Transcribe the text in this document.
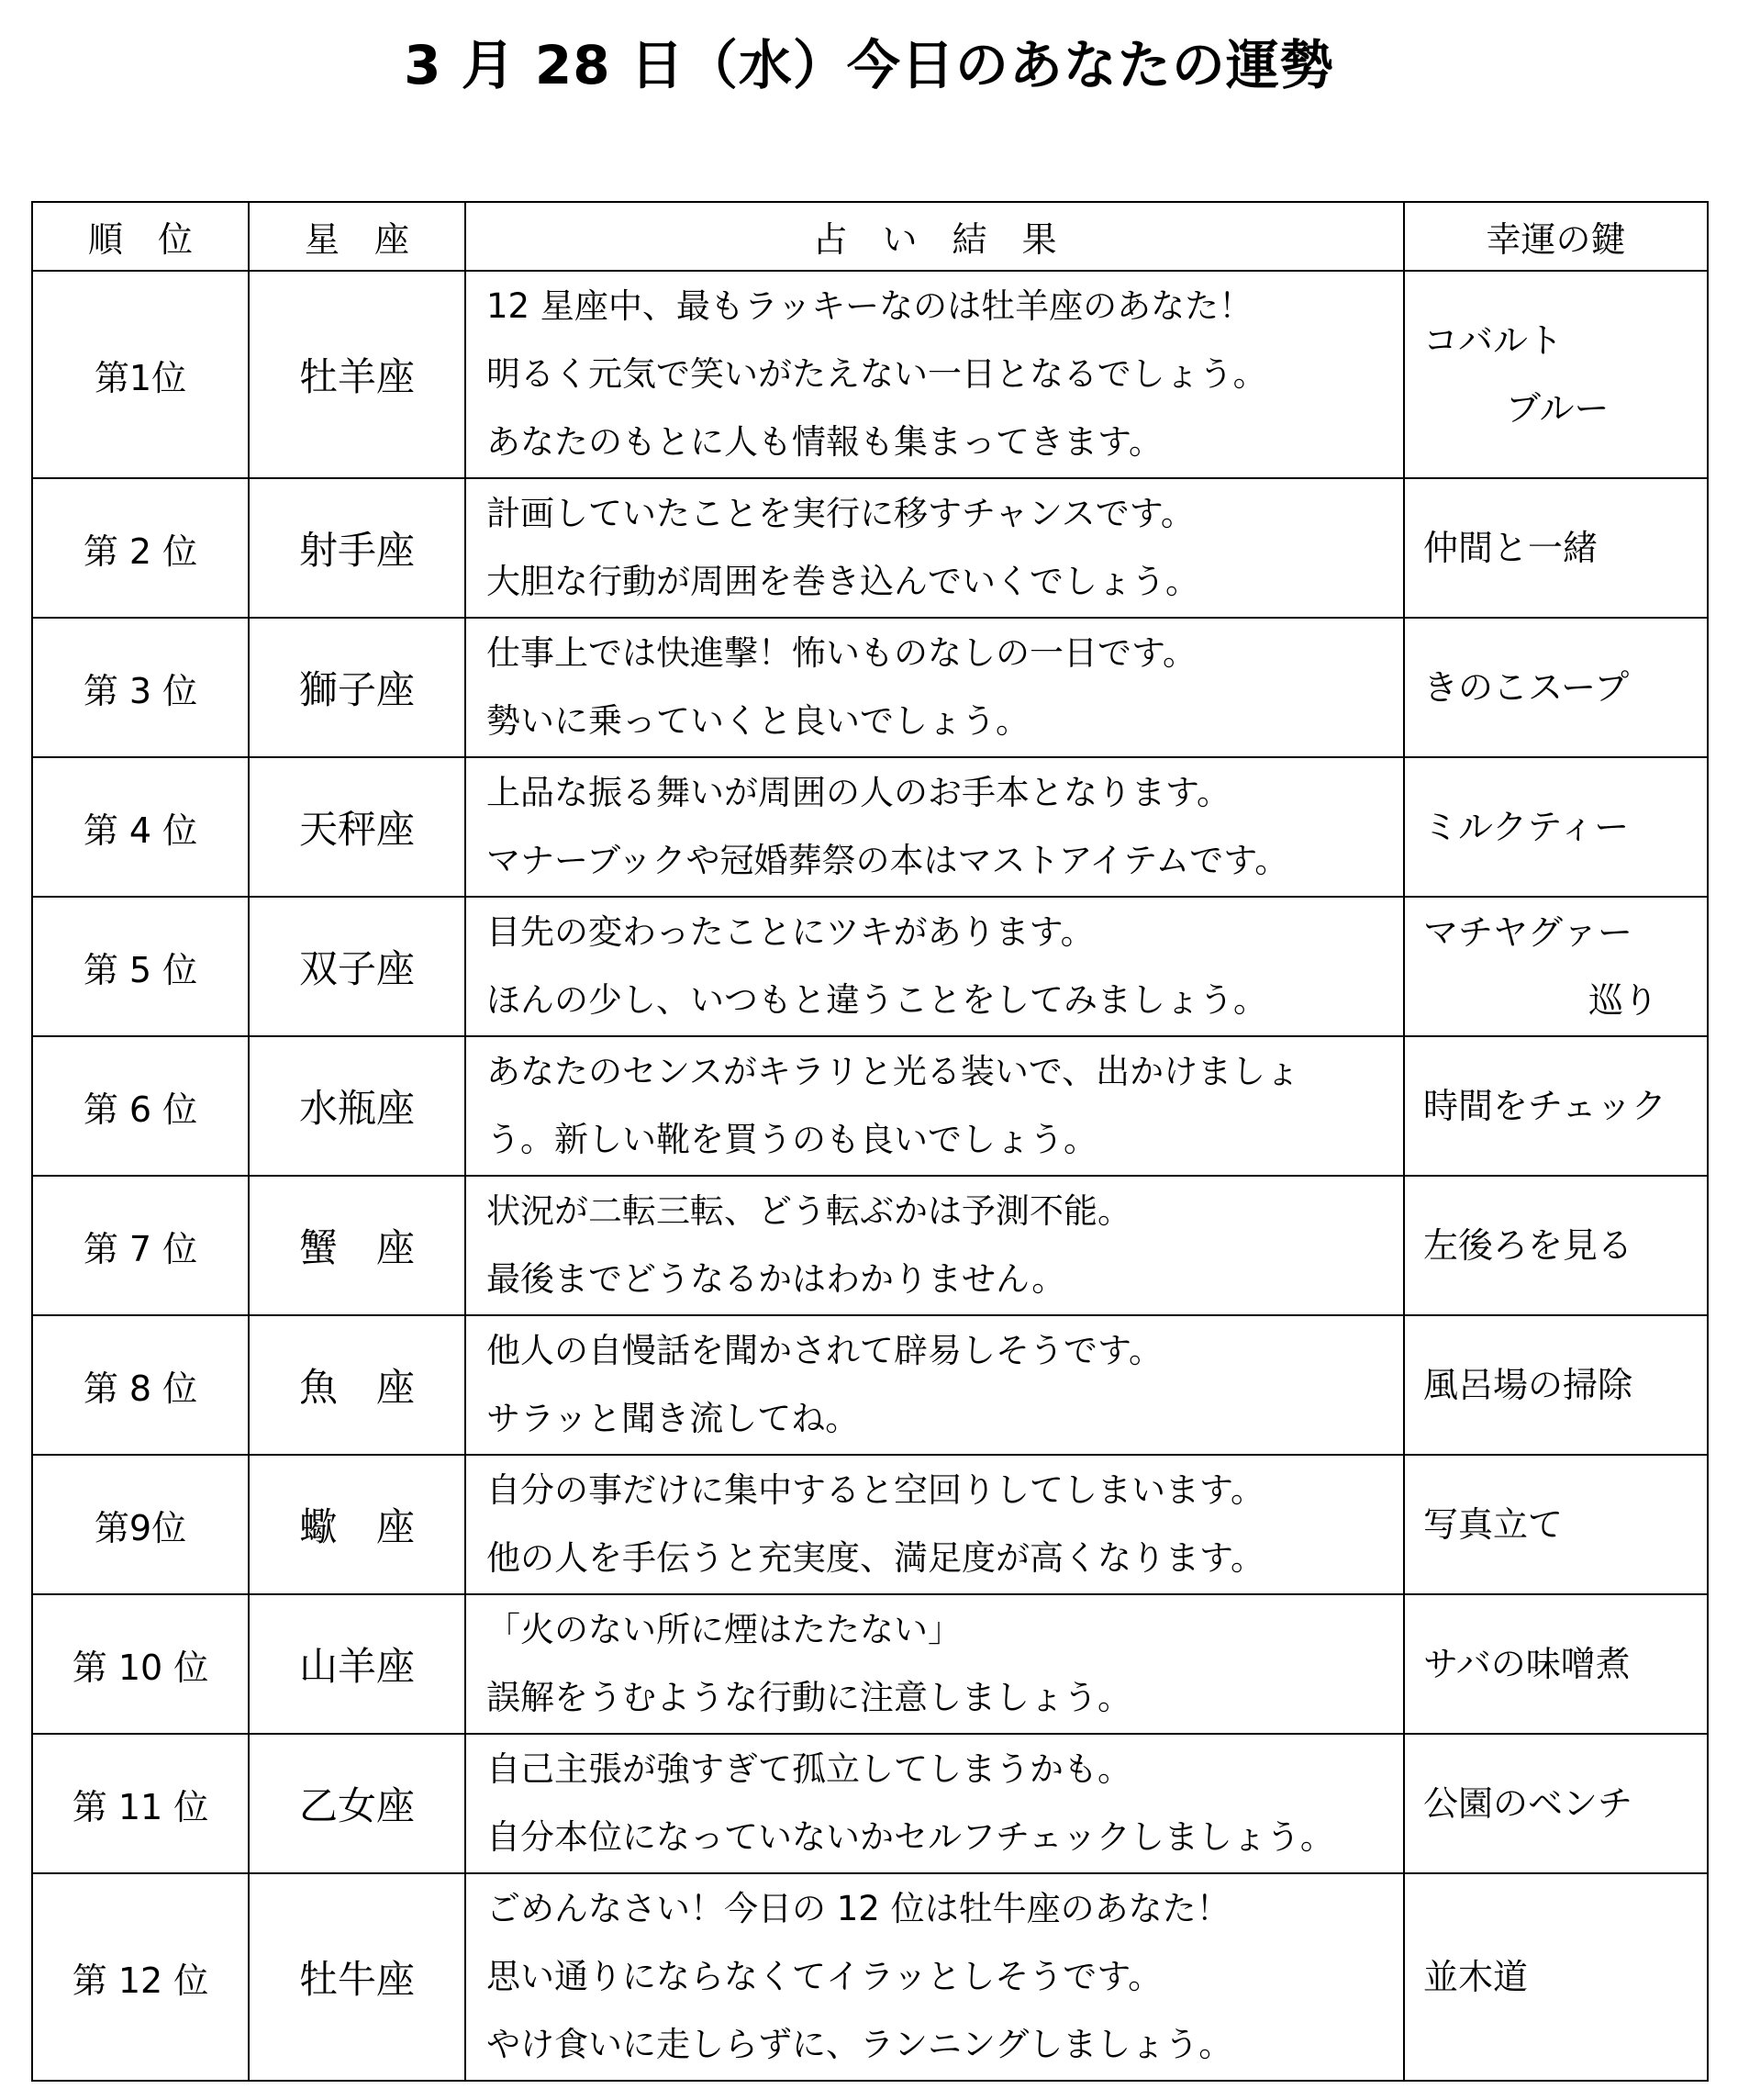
3 月 28 日（水）今日のあなたの運勢
順　位	星　座	占　い　結　果	幸運の鍵
第1位	牡羊座	12 星座中、最もラッキーなのは牡羊座のあなた！
明るく元気で笑いがたえない一日となるでしょう。
あなたのもとに人も情報も集まってきます。	コバルト
ブルー

第 2 位	射手座	計画していたことを実行に移すチャンスです。
大胆な行動が周囲を巻き込んでいくでしょう。	仲間と一緒

第 3 位	獅子座	仕事上では快進撃！怖いものなしの一日です。
勢いに乗っていくと良いでしょう。	きのこスープ

第 4 位	天秤座	上品な振る舞いが周囲の人のお手本となります。
マナーブックや冠婚葬祭の本はマストアイテムです。	ミルクティー

第 5 位	双子座	目先の変わったことにツキがあります。
ほんの少し、いつもと違うことをしてみましょう。	マチヤグァー
巡り

第 6 位	水瓶座	あなたのセンスがキラリと光る装いで、出かけましょ
う。新しい靴を買うのも良いでしょう。	時間をチェック

第 7 位	蟹　座	状況が二転三転、どう転ぶかは予測不能。
最後までどうなるかはわかりません。	左後ろを見る

第 8 位	魚　座	他人の自慢話を聞かされて辟易しそうです。
サラッと聞き流してね。	風呂場の掃除

第9位	蠍　座	自分の事だけに集中すると空回りしてしまいます。
他の人を手伝うと充実度、満足度が高くなります。	写真立て

第 10 位	山羊座	「火のない所に煙はたたない」
誤解をうむような行動に注意しましょう。	サバの味噌煮

第 11 位	乙女座	自己主張が強すぎて孤立してしまうかも。
自分本位になっていないかセルフチェックしましょう。	公園のベンチ

第 12 位	牡牛座	ごめんなさい！今日の 12 位は牡牛座のあなた！
思い通りにならなくてイラッとしそうです。
やけ食いに走しらずに、ランニングしましょう。	並木道
